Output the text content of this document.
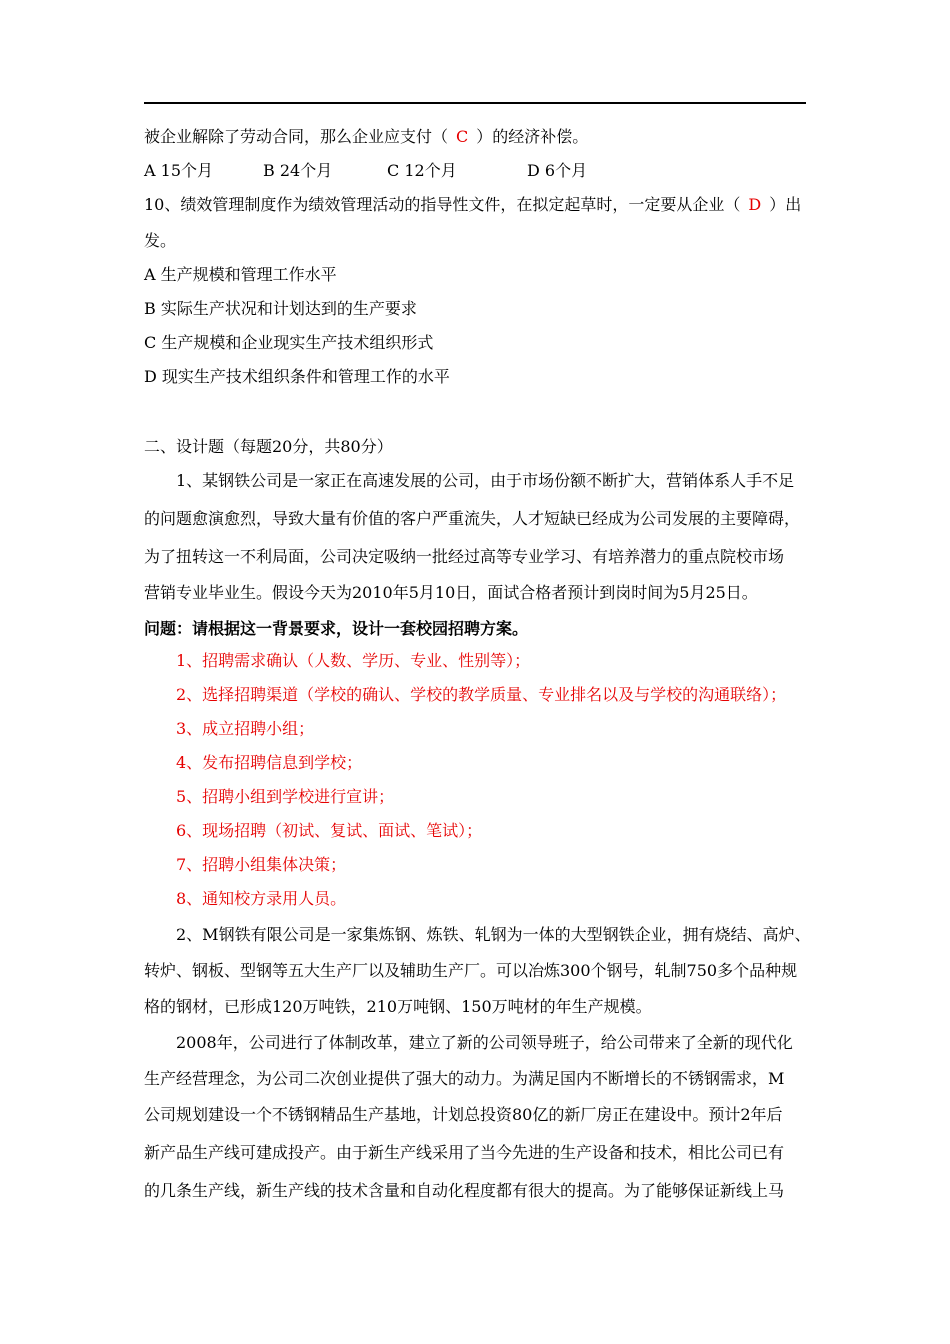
被企业解除了劳动合同，那么企业应支付（ C ）的经济补偿。
A 15个月	B 24个月	C 12个月	D 6个月
10、绩效管理制度作为绩效管理活动的指导性文件，在拟定起草时，一定要从企业（ D ）出
发。
A 生产规模和管理工作水平
B 实际生产状况和计划达到的生产要求
C 生产规模和企业现实生产技术组织形式
D 现实生产技术组织条件和管理工作的水平
二、设计题（每题20分，共80分）
1、某钢铁公司是一家正在高速发展的公司，由于市场份额不断扩大，营销体系人手不足
的问题愈演愈烈，导致大量有价值的客户严重流失，人才短缺已经成为公司发展的主要障碍，
为了扭转这一不利局面，公司决定吸纳一批经过高等专业学习、有培养潜力的重点院校市场
营销专业毕业生。假设今天为2010年5月10日，面试合格者预计到岗时间为5月25日。
问题：请根据这一背景要求，设计一套校园招聘方案。
1、招聘需求确认（人数、学历、专业、性别等）；
2、选择招聘渠道（学校的确认、学校的教学质量、专业排名以及与学校的沟通联络）；
3、成立招聘小组；
4、发布招聘信息到学校；
5、招聘小组到学校进行宣讲；
6、现场招聘（初试、复试、面试、笔试）；
7、招聘小组集体决策；
8、通知校方录用人员。
2、M钢铁有限公司是一家集炼钢、炼铁、轧钢为一体的大型钢铁企业，拥有烧结、高炉、
转炉、钢板、型钢等五大生产厂以及辅助生产厂。可以冶炼300个钢号，轧制750多个品种规
格的钢材，已形成120万吨铁，210万吨钢、150万吨材的年生产规模。
2008年，公司进行了体制改革，建立了新的公司领导班子，给公司带来了全新的现代化
生产经营理念，为公司二次创业提供了强大的动力。为满足国内不断增长的不锈钢需求，M
公司规划建设一个不锈钢精品生产基地，计划总投资80亿的新厂房正在建设中。预计2年后
新产品生产线可建成投产。由于新生产线采用了当今先进的生产设备和技术，相比公司已有
的几条生产线，新生产线的技术含量和自动化程度都有很大的提高。为了能够保证新线上马
